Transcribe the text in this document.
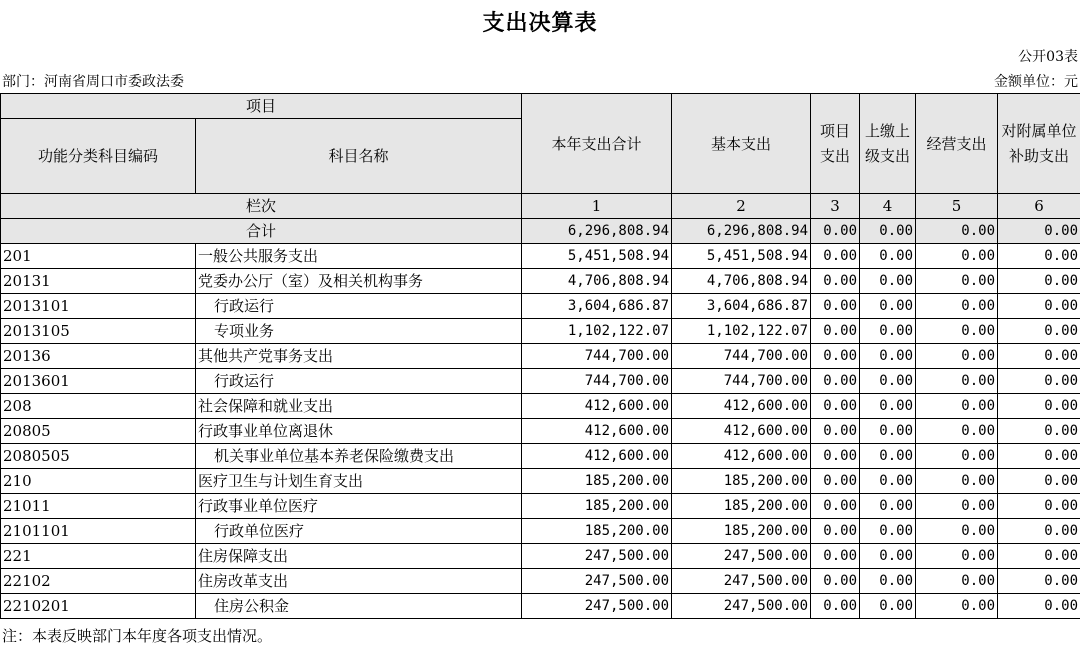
支出决算表
公开03表
部门：河南省周口市委政法委	金额单位：元
项目		本年支出合计	基本支出	项目支出	上缴上级支出	经营支出	对附属单位补助支出
功能分类科目编码	科目名称						
栏次		1	2	3	4	5	6
合计		6,296,808.94	6,296,808.94	0.00	0.00	0.00	0.00
201	一般公共服务支出	5,451,508.94	5,451,508.94	0.00	0.00	0.00	0.00
20131	党委办公厅（室）及相关机构事务	4,706,808.94	4,706,808.94	0.00	0.00	0.00	0.00
2013101	行政运行	3,604,686.87	3,604,686.87	0.00	0.00	0.00	0.00
2013105	专项业务	1,102,122.07	1,102,122.07	0.00	0.00	0.00	0.00
20136	其他共产党事务支出	744,700.00	744,700.00	0.00	0.00	0.00	0.00
2013601	行政运行	744,700.00	744,700.00	0.00	0.00	0.00	0.00
208	社会保障和就业支出	412,600.00	412,600.00	0.00	0.00	0.00	0.00
20805	行政事业单位离退休	412,600.00	412,600.00	0.00	0.00	0.00	0.00
2080505	机关事业单位基本养老保险缴费支出	412,600.00	412,600.00	0.00	0.00	0.00	0.00
210	医疗卫生与计划生育支出	185,200.00	185,200.00	0.00	0.00	0.00	0.00
21011	行政事业单位医疗	185,200.00	185,200.00	0.00	0.00	0.00	0.00
2101101	行政单位医疗	185,200.00	185,200.00	0.00	0.00	0.00	0.00
221	住房保障支出	247,500.00	247,500.00	0.00	0.00	0.00	0.00
22102	住房改革支出	247,500.00	247,500.00	0.00	0.00	0.00	0.00
2210201	住房公积金	247,500.00	247,500.00	0.00	0.00	0.00	0.00
注：本表反映部门本年度各项支出情况。
